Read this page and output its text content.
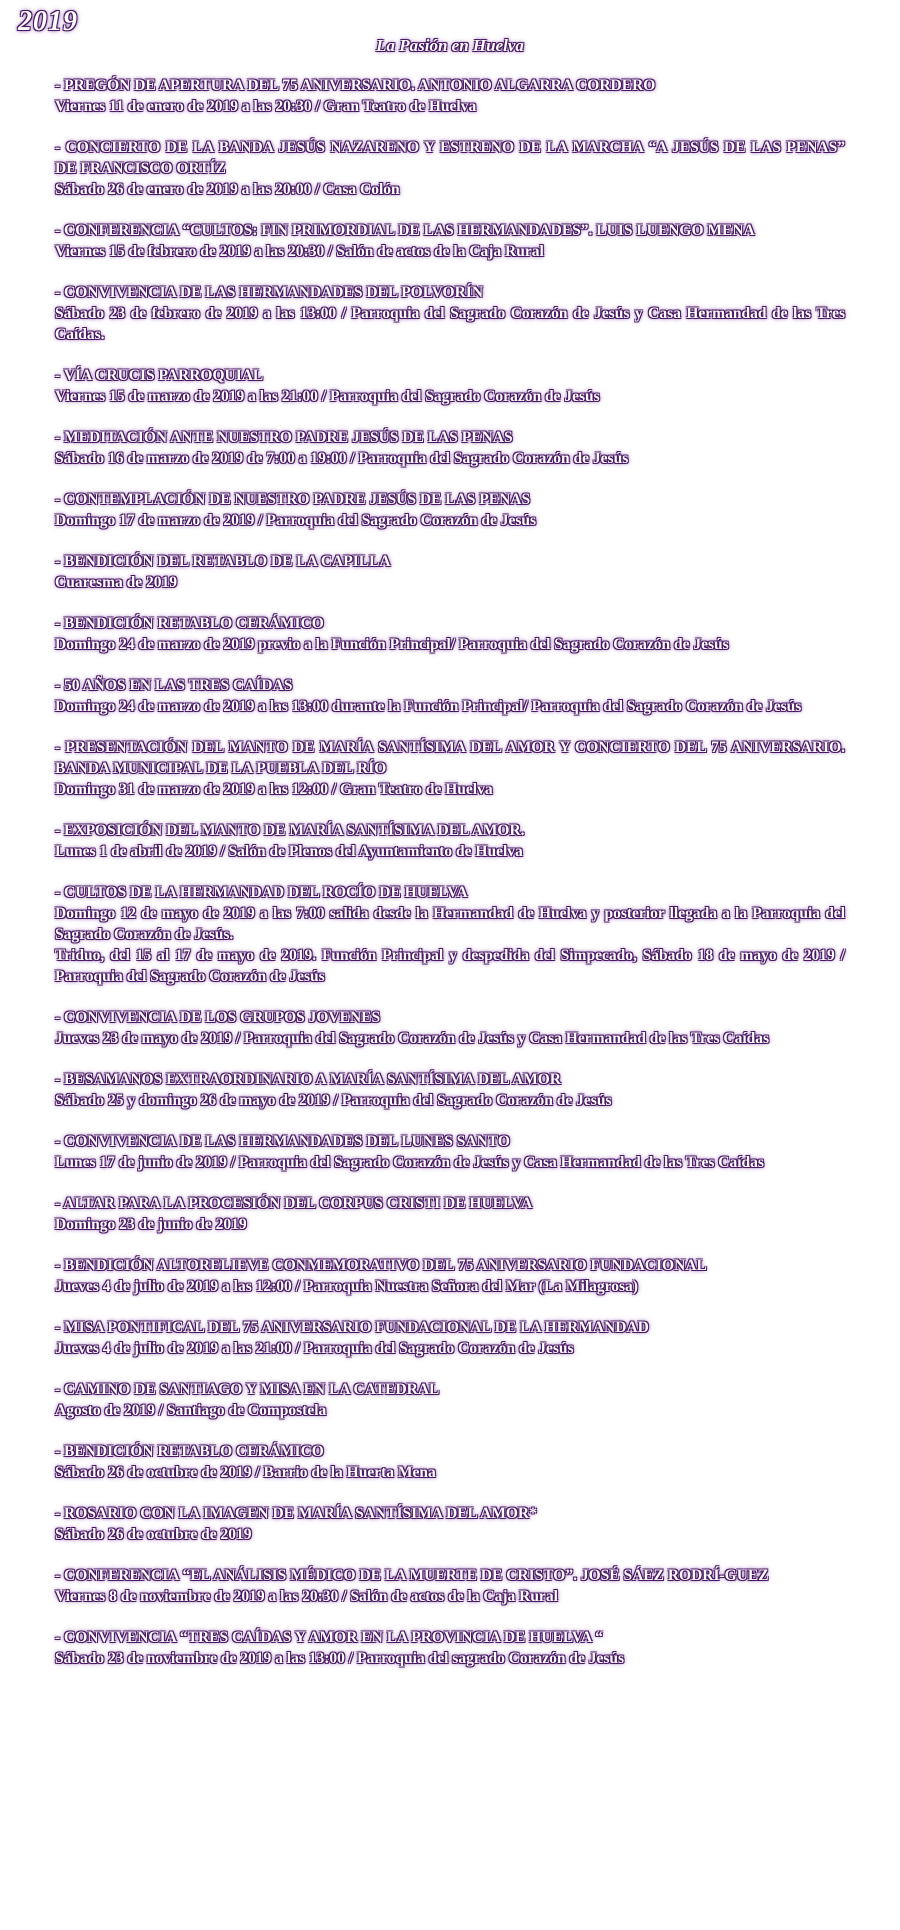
2019
La Pasión en Huelva
- PREGÓN DE APERTURA DEL 75 ANIVERSARIO. ANTONIO ALGARRA CORDERO
Viernes 11 de enero de 2019 a las 20:30 / Gran Teatro de Huelva
- CONCIERTO DE LA BANDA JESÚS NAZARENO Y ESTRENO DE LA MARCHA “A JESÚS DE LAS PENAS” DE FRANCISCO ORTÍZ
Sábado 26 de enero de 2019 a las 20:00 / Casa Colón
- CONFERENCIA “CULTOS: FIN PRIMORDIAL DE LAS HERMANDADES”. LUIS LUENGO MENA
Viernes 15 de febrero de 2019 a las 20:30 / Salón de actos de la Caja Rural
- CONVIVENCIA DE LAS HERMANDADES DEL POLVORÍN
Sábado 23 de febrero de 2019 a las 13:00 / Parroquia del Sagrado Corazón de Jesús y Casa Hermandad de las Tres Caídas.
- VÍA CRUCIS PARROQUIAL
Viernes 15 de marzo de 2019 a las 21:00 / Parroquia del Sagrado Corazón de Jesús
- MEDITACIÓN ANTE NUESTRO PADRE JESÚS DE LAS PENAS
Sábado 16 de marzo de 2019 de 7:00 a 19:00 / Parroquia del Sagrado Corazón de Jesús
- CONTEMPLACIÓN DE NUESTRO PADRE JESÚS DE LAS PENAS
Domingo 17 de marzo de 2019 / Parroquia del Sagrado Corazón de Jesús
- BENDICIÓN DEL RETABLO DE LA CAPILLA
Cuaresma de 2019
- BENDICIÓN RETABLO CERÁMICO
Domingo 24 de marzo de 2019 previo a la Función Principal/ Parroquia del Sagrado Corazón de Jesús
- 50 AÑOS EN LAS TRES CAÍDAS
Domingo 24 de marzo de 2019 a las 13:00 durante la Función Principal/ Parroquia del Sagrado Corazón de Jesús
- PRESENTACIÓN DEL MANTO DE MARÍA SANTÍSIMA DEL AMOR Y CONCIERTO DEL 75 ANIVERSARIO. BANDA MUNICIPAL DE LA PUEBLA DEL RÍO
Domingo 31 de marzo de 2019 a las 12:00 / Gran Teatro de Huelva
- EXPOSICIÓN DEL MANTO DE MARÍA SANTÍSIMA DEL AMOR.
Lunes 1 de abril de 2019 / Salón de Plenos del Ayuntamiento de Huelva
- CULTOS DE LA HERMANDAD DEL ROCÍO DE HUELVA
Domingo 12 de mayo de 2019 a las 7:00 salida desde la Hermandad de Huelva y posterior llegada a la Parroquia del Sagrado Corazón de Jesús.
Triduo, del 15 al 17 de mayo de 2019. Función Principal y despedida del Simpecado, Sábado 18 de mayo de 2019 / Parroquia del Sagrado Corazón de Jesús
- CONVIVENCIA DE LOS GRUPOS JOVENES
Jueves 23 de mayo de 2019 / Parroquia del Sagrado Corazón de Jesús y Casa Hermandad de las Tres Caídas
- BESAMANOS EXTRAORDINARIO A MARÍA SANTÍSIMA DEL AMOR
Sábado 25 y domingo 26 de mayo de 2019 / Parroquia del Sagrado Corazón de Jesús
- CONVIVENCIA DE LAS HERMANDADES DEL LUNES SANTO
Lunes 17 de junio de 2019 / Parroquia del Sagrado Corazón de Jesús y Casa Hermandad de las Tres Caídas
- ALTAR PARA LA PROCESIÓN DEL CORPUS CRISTI DE HUELVA
Domingo 23 de junio de 2019
- BENDICIÓN ALTORELIEVE CONMEMORATIVO DEL 75 ANIVERSARIO FUNDACIONAL
Jueves 4 de julio de 2019 a las 12:00 / Parroquia Nuestra Señora del Mar (La Milagrosa)
- MISA PONTIFICAL DEL 75 ANIVERSARIO FUNDACIONAL DE LA HERMANDAD
Jueves 4 de julio de 2019 a las 21:00 / Parroquia del Sagrado Corazón de Jesús
- CAMINO DE SANTIAGO Y MISA EN LA CATEDRAL
Agosto de 2019 / Santiago de Compostela
- BENDICIÓN RETABLO CERÁMICO
Sábado 26 de octubre de 2019 / Barrio de la Huerta Mena
- ROSARIO CON LA IMAGEN DE MARÍA SANTÍSIMA DEL AMOR*
Sábado 26 de octubre de 2019
- CONFERENCIA “EL ANÁLISIS MÉDICO DE LA MUERTE DE CRISTO”. JOSÉ SÁEZ RODRÍ-GUEZ
Viernes 8 de noviembre de 2019 a las 20:30 / Salón de actos de la Caja Rural
- CONVIVENCIA “TRES CAÍDAS Y AMOR EN LA PROVINCIA DE HUELVA “
Sábado 23 de noviembre de 2019 a las 13:00 / Parroquia del sagrado Corazón de Jesús
